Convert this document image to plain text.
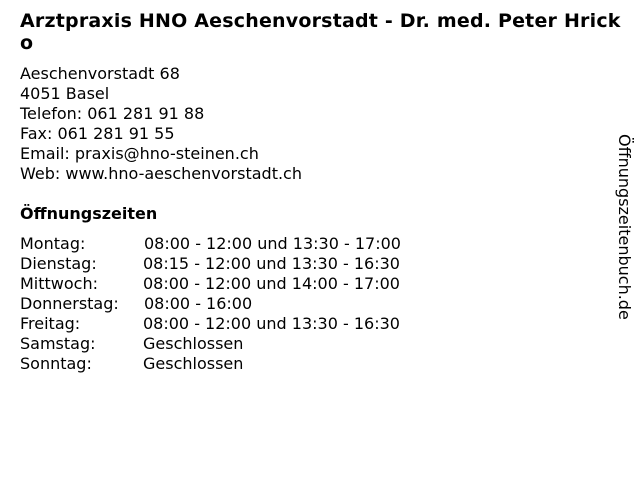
Arztpraxis HNO Aeschenvorstadt - Dr. med. Peter Hricko
Aeschenvorstadt 68
4051 Basel
Telefon: 061 281 91 88
Fax: 061 281 91 55
Email: praxis@hno-steinen.ch
Web: www.hno-aeschenvorstadt.ch
Öffnungszeiten
Montag:	08:00 - 12:00 und 13:30 - 17:00
Dienstag:	08:15 - 12:00 und 13:30 - 16:30
Mittwoch:	08:00 - 12:00 und 14:00 - 17:00
Donnerstag: 08:00 - 16:00
Freitag:	08:00 - 12:00 und 13:30 - 16:30
Samstag:	Geschlossen
Sonntag:	Geschlossen
Öffnungszeitenbuch.de
